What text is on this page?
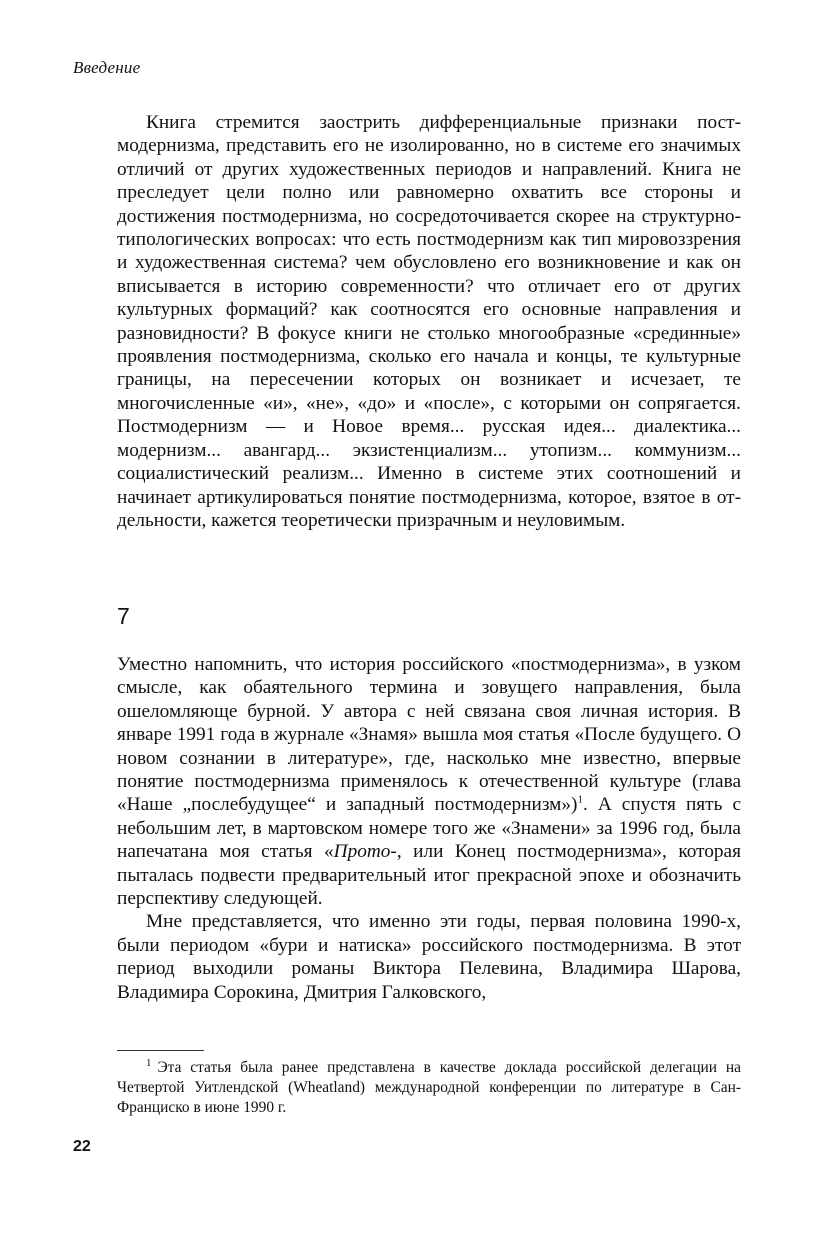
Введение

Книга стремится заострить дифференциальные признаки постмодернизма, представить его не изолированно, но в системе его значимых отличий от других художественных периодов и направлений. Книга не преследует цели полно или равномерно охватить все стороны и достижения постмодернизма, но сосредоточивается скорее на структурно-типологических вопросах: что есть постмодернизм как тип мировоззрения и художественная система? чем обусловлено его возникновение и как он вписывается в историю современности? что отличает его от других культурных формаций? как соотносятся его основные направления и разновидности? В фокусе книги не столько многообразные «срединные» проявления постмодернизма, сколько его начала и концы, те культурные границы, на пересечении которых он возникает и исчезает, те многочисленные «и», «не», «до» и «после», с которыми он сопрягается. Постмодернизм — и Новое время... русская идея... диалектика... модернизм... авангард... экзистенциализм... утопизм... коммунизм... социалистический реализм... Именно в системе этих соотношений и начинает артикулироваться понятие постмодернизма, которое, взятое в отдельности, кажется теоретически призрачным и неуловимым.

7

Уместно напомнить, что история российского «постмодернизма», в узком смысле, как обаятельного термина и зовущего направления, была ошеломляюще бурной. У автора с ней связана своя личная история. В январе 1991 года в журнале «Знамя» вышла моя статья «После будущего. О новом сознании в литературе», где, насколько мне известно, впервые понятие постмодернизма применялось к отечественной культуре (глава «Наше „послебудущее“ и западный постмодернизм»)$^1$. А спустя пять с небольшим лет, в мартовском номере того же «Знамени» за 1996 год, была напечатана моя статья «Прото-, или Конец постмодернизма», которая пыталась подвести предварительный итог прекрасной эпохе и обозначить перспективу следующей.

Мне представляется, что именно эти годы, первая половина 1990-х, были периодом «бури и натиска» российского постмодернизма. В этот период выходили романы Виктора Пелевина, Владимира Шарова, Владимира Сорокина, Дмитрия Галковского,

$^1$ Эта статья была ранее представлена в качестве доклада российской делегации на Четвертой Уитлендской (Wheatland) международной конференции по литературе в Сан-Франциско в июне 1990 г.

22
